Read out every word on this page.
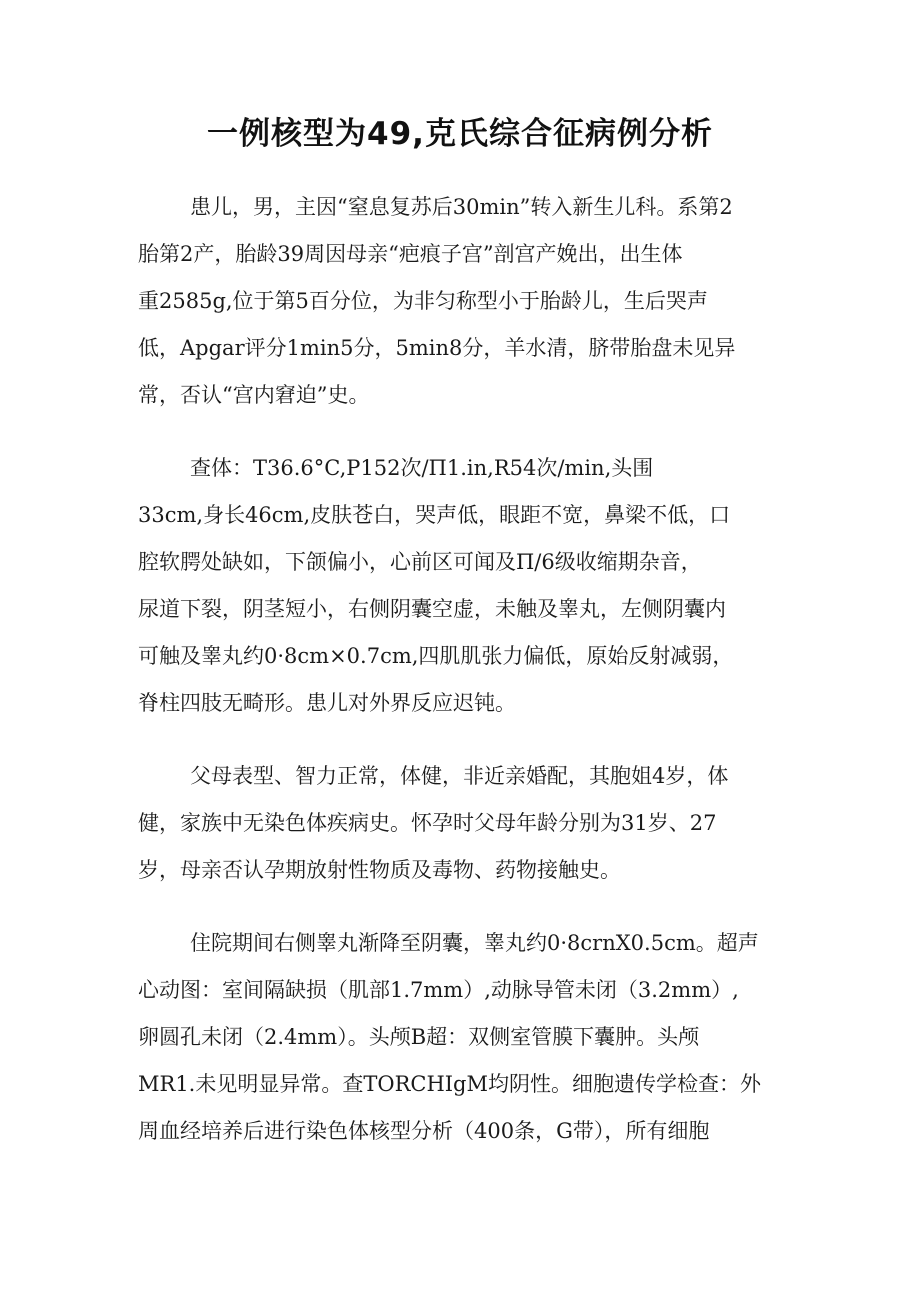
一例核型为49,克氏综合征病例分析

患儿，男，主因“窒息复苏后30min”转入新生儿科。系第2
胎第2产，胎龄39周因母亲“疤痕子宫”剖宫产娩出，出生体
重2585g,位于第5百分位，为非匀称型小于胎龄儿，生后哭声
低，Apgar评分1min5分，5min8分，羊水清，脐带胎盘未见异
常，否认“宫内窘迫”史。

查体：T36.6°C,P152次/Π1.in,R54次/min,头围
33cm,身长46cm,皮肤苍白，哭声低，眼距不宽，鼻梁不低，口
腔软腭处缺如，下颌偏小，心前区可闻及Π/6级收缩期杂音，
尿道下裂，阴茎短小，右侧阴囊空虚，未触及睾丸，左侧阴囊内
可触及睾丸约0·8cm×0.7cm,四肌肌张力偏低，原始反射减弱，
脊柱四肢无畸形。患儿对外界反应迟钝。

父母表型、智力正常，体健，非近亲婚配，其胞姐4岁，体
健，家族中无染色体疾病史。怀孕时父母年龄分别为31岁、27
岁，母亲否认孕期放射性物质及毒物、药物接触史。

住院期间右侧睾丸渐降至阴囊，睾丸约0·8crnX0.5cm。超声
心动图：室间隔缺损（肌部1.7mm）,动脉导管未闭（3.2mm）,
卵圆孔未闭（2.4mm）。头颅B超：双侧室管膜下囊肿。头颅
MR1.未见明显异常。查TORCHIgM均阴性。细胞遗传学检查：外
周血经培养后进行染色体核型分析（400条，G带），所有细胞
